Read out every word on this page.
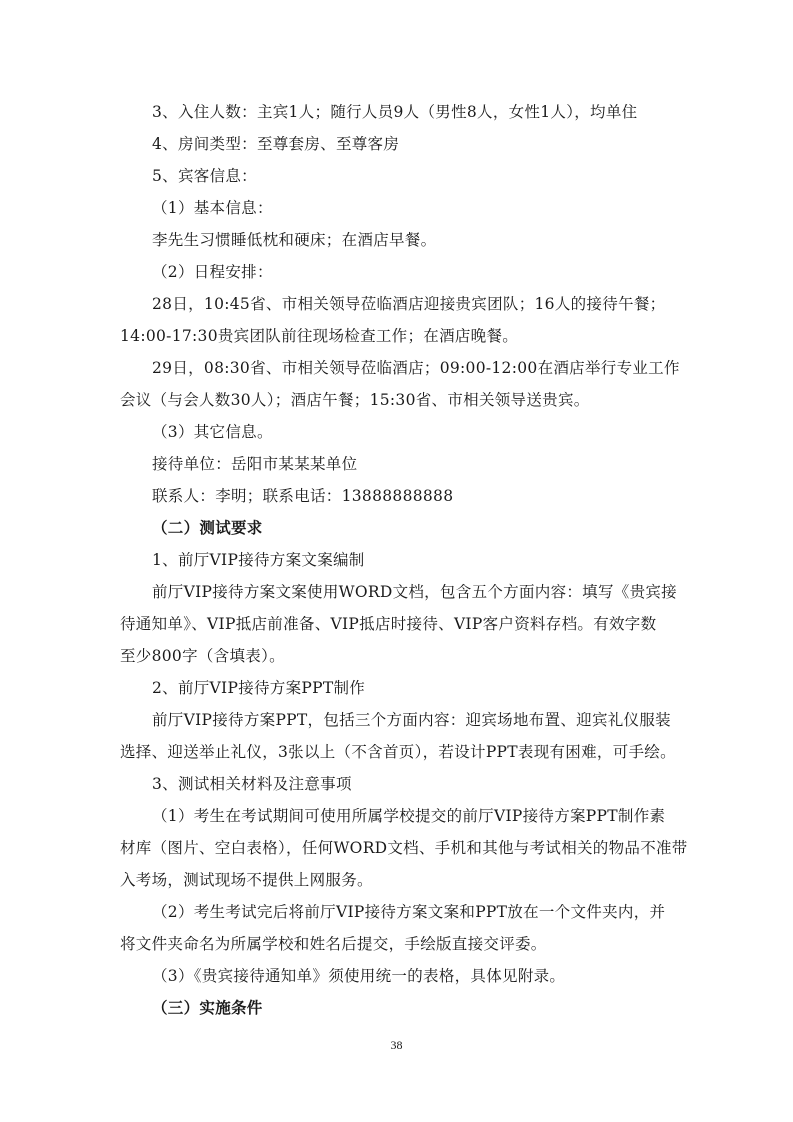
3、入住人数：主宾1人；随行人员9人（男性8人，女性1人），均单住
4、房间类型：至尊套房、至尊客房
5、宾客信息：
（1）基本信息：
李先生习惯睡低枕和硬床；在酒店早餐。
（2）日程安排：
28日，10:45省、市相关领导莅临酒店迎接贵宾团队；16人的接待午餐；
14:00-17:30贵宾团队前往现场检查工作；在酒店晚餐。
29日，08:30省、市相关领导莅临酒店；09:00-12:00在酒店举行专业工作
会议（与会人数30人）；酒店午餐；15:30省、市相关领导送贵宾。
（3）其它信息。
接待单位：岳阳市某某某单位
联系人：李明；联系电话：13888888888
（二）测试要求
1、前厅VIP接待方案文案编制
前厅VIP接待方案文案使用WORD文档，包含五个方面内容：填写《贵宾接
待通知单》、VIP抵店前准备、VIP抵店时接待、VIP客户资料存档。有效字数
至少800字（含填表）。
2、前厅VIP接待方案PPT制作
前厅VIP接待方案PPT，包括三个方面内容：迎宾场地布置、迎宾礼仪服装
选择、迎送举止礼仪，3张以上（不含首页），若设计PPT表现有困难，可手绘。
3、测试相关材料及注意事项
（1）考生在考试期间可使用所属学校提交的前厅VIP接待方案PPT制作素
材库（图片、空白表格），任何WORD文档、手机和其他与考试相关的物品不准带
入考场，测试现场不提供上网服务。
（2）考生考试完后将前厅VIP接待方案文案和PPT放在一个文件夹内，并
将文件夹命名为所属学校和姓名后提交，手绘版直接交评委。
（3）《贵宾接待通知单》须使用统一的表格，具体见附录。
（三）实施条件
38
